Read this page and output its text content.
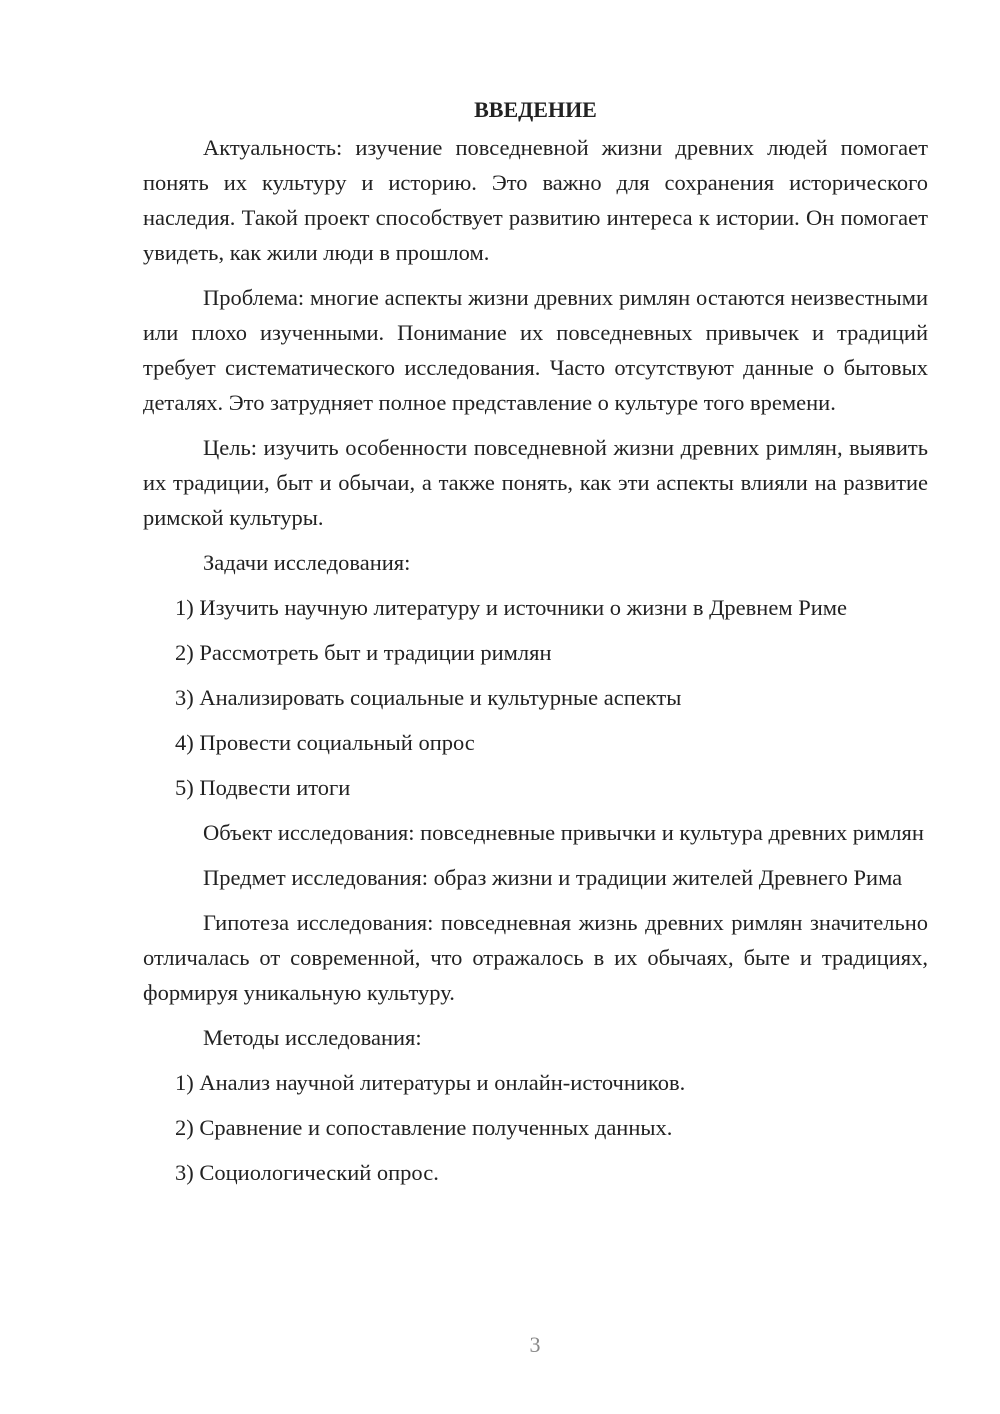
ВВЕДЕНИЕ

Актуальность: изучение повседневной жизни древних людей помогает понять их культуру и историю. Это важно для сохранения исторического наследия. Такой проект способствует развитию интереса к истории. Он помогает увидеть, как жили люди в прошлом.

Проблема: многие аспекты жизни древних римлян остаются неизвестными или плохо изученными. Понимание их повседневных привычек и традиций требует систематического исследования. Часто отсутствуют данные о бытовых деталях. Это затрудняет полное представление о культуре того времени.

Цель: изучить особенности повседневной жизни древних римлян, выявить их традиции, быт и обычаи, а также понять, как эти аспекты влияли на развитие римской культуры.

Задачи исследования:
1) Изучить научную литературу и источники о жизни в Древнем Риме
2) Рассмотреть быт и традиции римлян
3) Анализировать социальные и культурные аспекты
4) Провести социальный опрос
5) Подвести итоги

Объект исследования: повседневные привычки и культура древних римлян

Предмет исследования: образ жизни и традиции жителей Древнего Рима

Гипотеза исследования: повседневная жизнь древних римлян значительно отличалась от современной, что отражалось в их обычаях, быте и традициях, формируя уникальную культуру.

Методы исследования:
1) Анализ научной литературы и онлайн-источников.
2) Сравнение и сопоставление полученных данных.
3) Социологический опрос.
3
